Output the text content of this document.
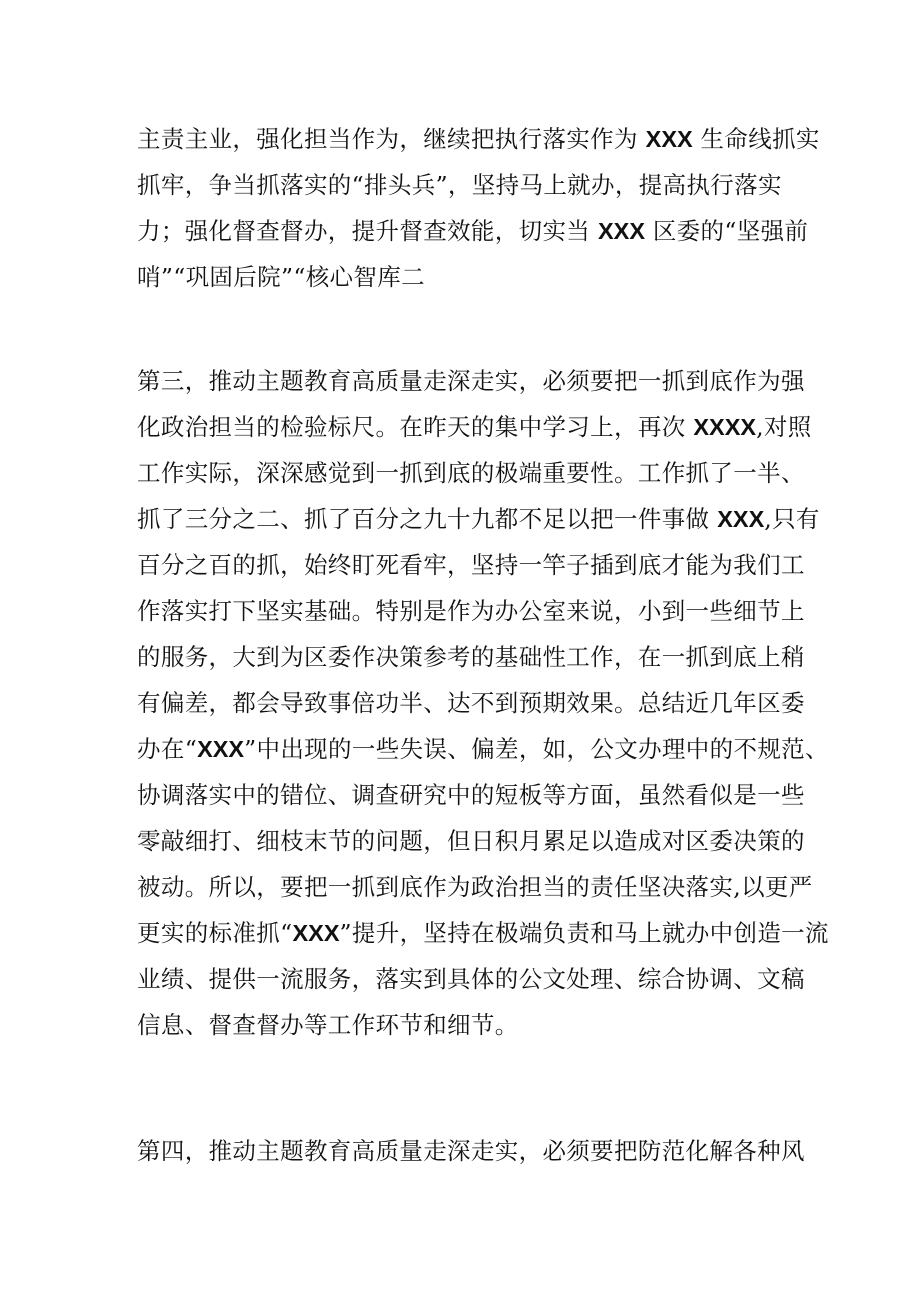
主责主业，强化担当作为，继续把执行落实作为 XXX 生命线抓实
抓牢，争当抓落实的“排头兵”，坚持马上就办，提高执行落实
力；强化督查督办，提升督查效能，切实当 XXX 区委的“坚强前
哨”“巩固后院”“核心智库二
第三，推动主题教育高质量走深走实，必须要把一抓到底作为强
化政治担当的检验标尺。在昨天的集中学习上，再次 XXXX,对照
工作实际，深深感觉到一抓到底的极端重要性。工作抓了一半、
抓了三分之二、抓了百分之九十九都不足以把一件事做 XXX,只有
百分之百的抓，始终盯死看牢，坚持一竿子插到底才能为我们工
作落实打下坚实基础。特别是作为办公室来说，小到一些细节上
的服务，大到为区委作决策参考的基础性工作，在一抓到底上稍
有偏差，都会导致事倍功半、达不到预期效果。总结近几年区委
办在“XXX”中出现的一些失误、偏差，如，公文办理中的不规范、
协调落实中的错位、调查研究中的短板等方面，虽然看似是一些
零敲细打、细枝末节的问题，但日积月累足以造成对区委决策的
被动。所以，要把一抓到底作为政治担当的责任坚决落实,以更严
更实的标准抓“XXX”提升，坚持在极端负责和马上就办中创造一流
业绩、提供一流服务，落实到具体的公文处理、综合协调、文稿
信息、督查督办等工作环节和细节。
第四，推动主题教育高质量走深走实，必须要把防范化解各种风
